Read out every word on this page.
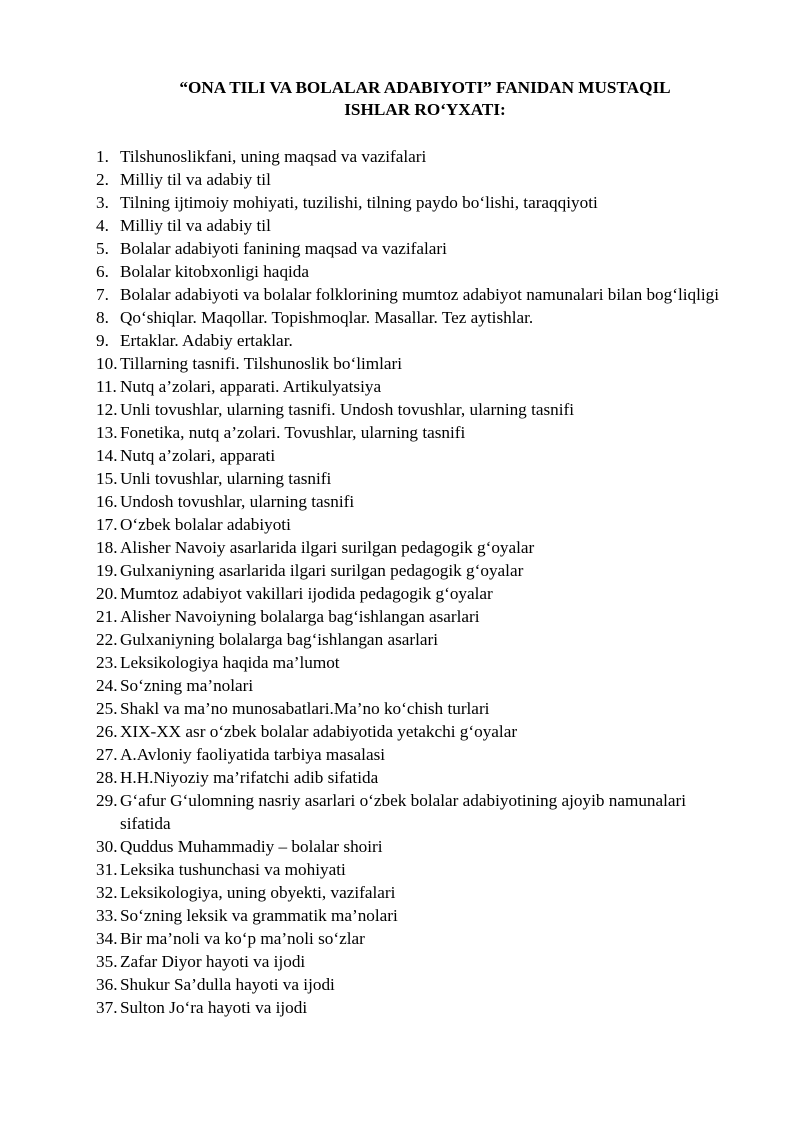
“ONA TILI VA BOLALAR ADABIYOTI” FANIDAN MUSTAQIL
ISHLAR RO‘YXATI:
1. Tilshunoslikfani, uning maqsad va vazifalari
2. Milliy til va adabiy til
3. Tilning ijtimoiy mohiyati, tuzilishi, tilning paydo bo‘lishi, taraqqiyoti
4. Milliy til va adabiy til
5. Bolalar adabiyoti fanining maqsad va vazifalari
6. Bolalar kitobxonligi haqida
7. Bolalar adabiyoti va bolalar folklorining mumtoz adabiyot namunalari bilan bog‘liqligi
8. Qo‘shiqlar. Maqollar. Topishmoqlar. Masallar. Tez aytishlar.
9. Ertaklar. Adabiy ertaklar.
10. Tillarning tasnifi. Tilshunoslik bo‘limlari
11. Nutq a’zolari, apparati. Artikulyatsiya
12. Unli tovushlar, ularning tasnifi. Undosh tovushlar, ularning tasnifi
13. Fonetika, nutq a’zolari. Tovushlar, ularning tasnifi
14. Nutq a’zolari, apparati
15. Unli tovushlar, ularning tasnifi
16. Undosh tovushlar, ularning tasnifi
17. O‘zbek bolalar adabiyoti
18. Alisher Navoiy asarlarida ilgari surilgan pedagogik g‘oyalar
19. Gulxaniyning asarlarida ilgari surilgan pedagogik g‘oyalar
20. Mumtoz adabiyot vakillari ijodida pedagogik g‘oyalar
21. Alisher Navoiyning bolalarga bag‘ishlangan asarlari
22. Gulxaniyning bolalarga bag‘ishlangan asarlari
23. Leksikologiya haqida ma’lumot
24. So‘zning ma’nolari
25. Shakl va ma’no munosabatlari.Ma’no ko‘chish turlari
26. XIX-XX asr o‘zbek bolalar adabiyotida yetakchi g‘oyalar
27. A.Avloniy faoliyatida tarbiya masalasi
28. H.H.Niyoziy ma’rifatchi adib sifatida
29. G‘afur G‘ulomning nasriy asarlari o‘zbek bolalar adabiyotining ajoyib namunalari sifatida
30. Quddus Muhammadiy – bolalar shoiri
31. Leksika tushunchasi va mohiyati
32. Leksikologiya, uning obyekti, vazifalari
33. So‘zning leksik va grammatik ma’nolari
34. Bir ma’noli va ko‘p ma’noli so‘zlar
35. Zafar Diyor hayoti va ijodi
36. Shukur Sa’dulla hayoti va ijodi
37. Sulton Jo‘ra hayoti va ijodi
